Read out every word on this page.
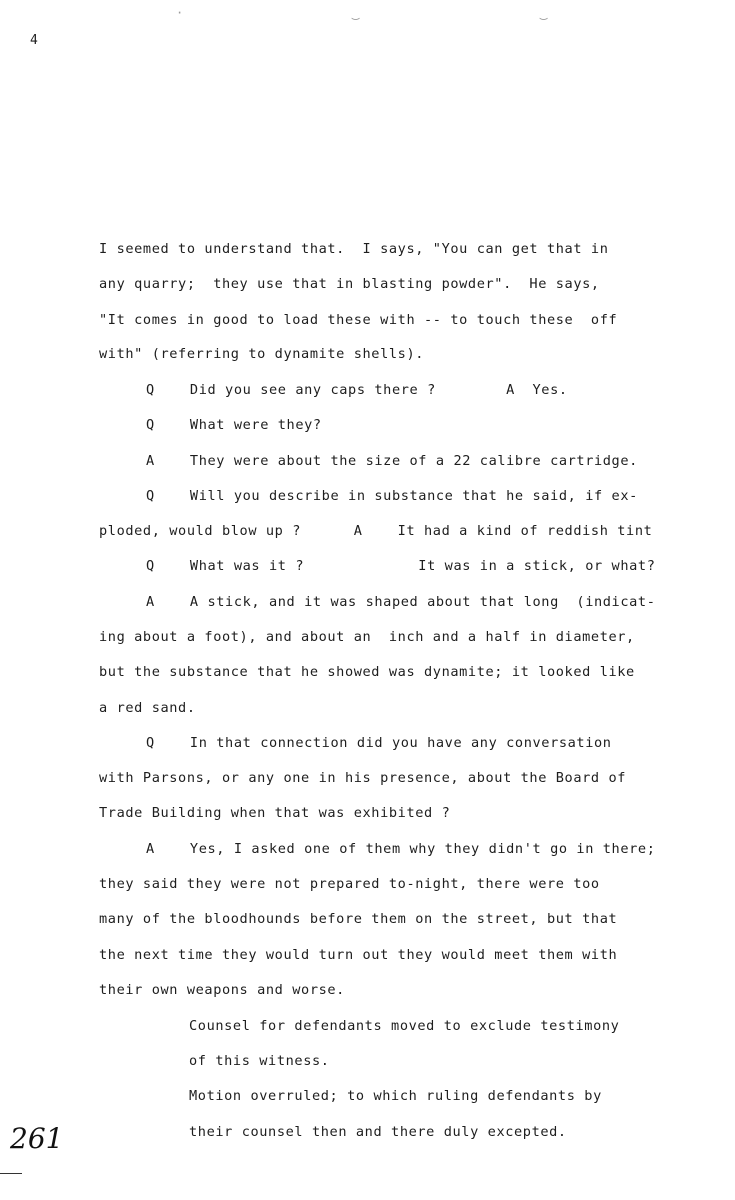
4
I seemed to understand that.  I says, "You can get that in
any quarry;  they use that in blasting powder".  He says,
"It comes in good to load these with -- to touch these  off
with" (referring to dynamite shells).
Q    Did you see any caps there ?        A  Yes.
Q    What were they?
A    They were about the size of a 22 calibre cartridge.
Q    Will you describe in substance that he said, if ex-
ploded, would blow up ?      A    It had a kind of reddish tint
Q    What was it ?             It was in a stick, or what?
A    A stick, and it was shaped about that long  (indicat-
ing about a foot), and about an  inch and a half in diameter,
but the substance that he showed was dynamite; it looked like
a red sand.
Q    In that connection did you have any conversation
with Parsons, or any one in his presence, about the Board of
Trade Building when that was exhibited ?
A    Yes, I asked one of them why they didn't go in there;
they said they were not prepared to-night, there were too
many of the bloodhounds before them on the street, but that
the next time they would turn out they would meet them with
their own weapons and worse.
Counsel for defendants moved to exclude testimony
of this witness.
Motion overruled; to which ruling defendants by
their counsel then and there duly excepted.
261
‿	‿
·
